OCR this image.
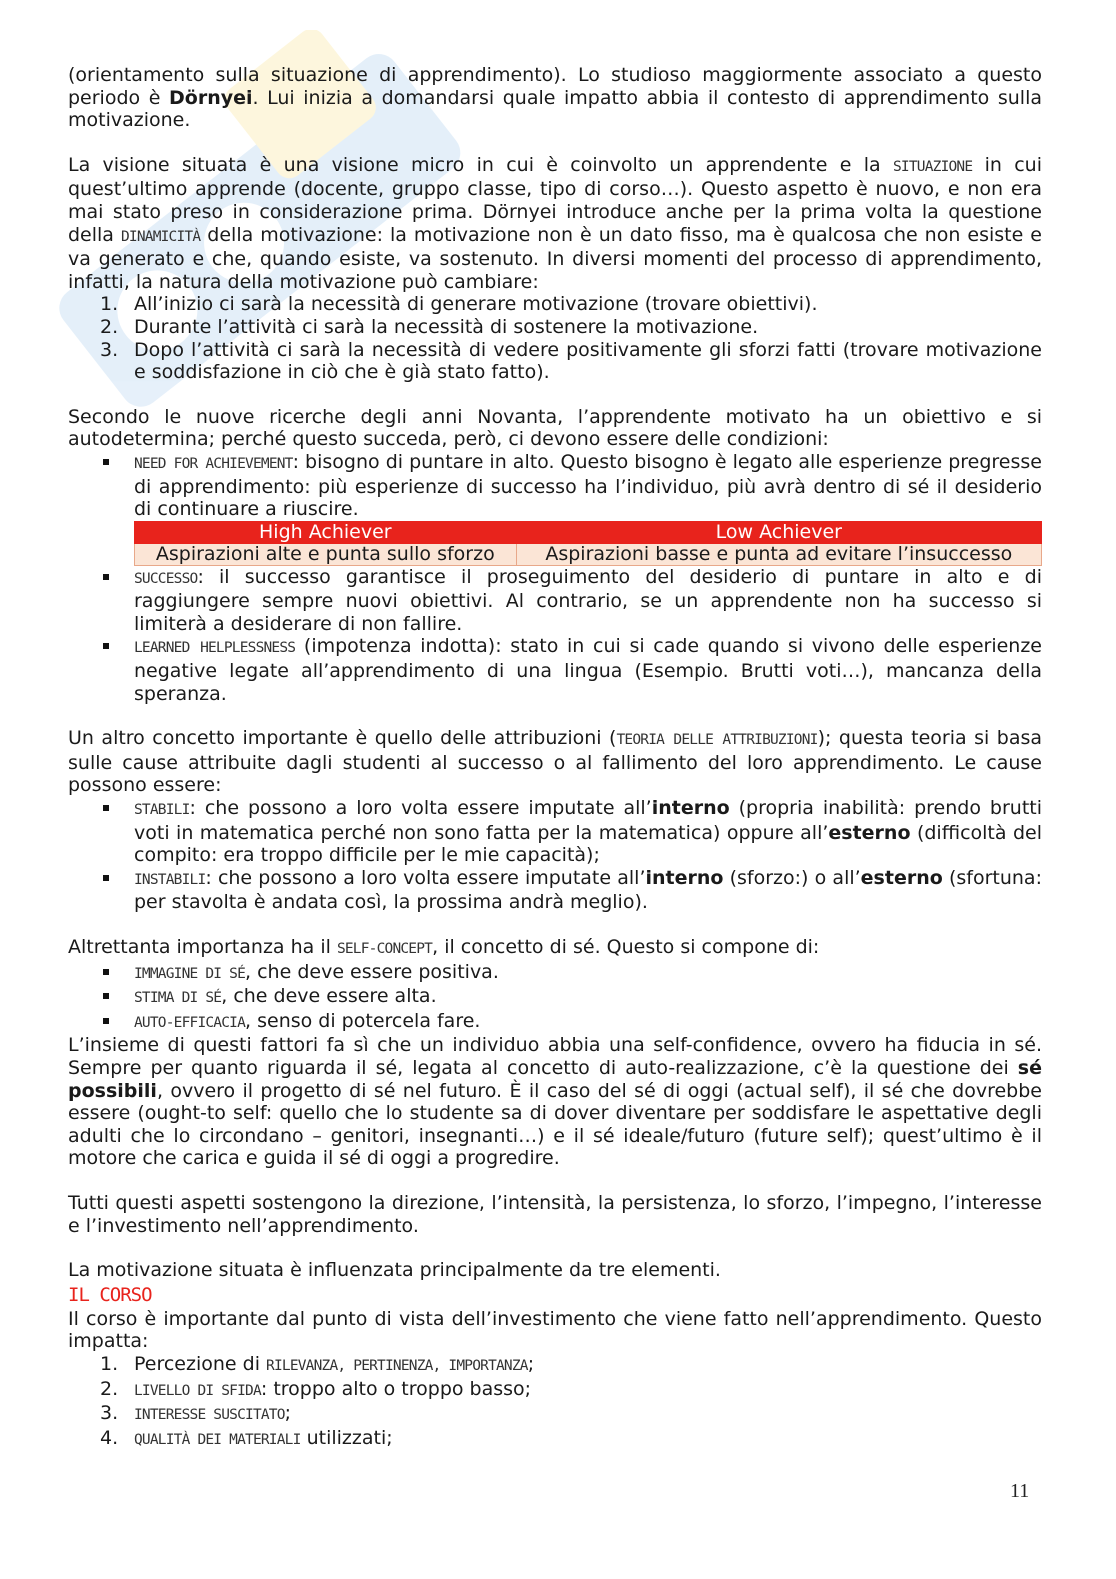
(orientamento sulla situazione di apprendimento). Lo studioso maggiormente associato a questo periodo è Dörnyei. Lui inizia a domandarsi quale impatto abbia il contesto di apprendimento sulla motivazione.

La visione situata è una visione micro in cui è coinvolto un apprendente e la SITUAZIONE in cui quest’ultimo apprende (docente, gruppo classe, tipo di corso…). Questo aspetto è nuovo, e non era mai stato preso in considerazione prima. Dörnyei introduce anche per la prima volta la questione della DINAMICITÀ della motivazione: la motivazione non è un dato fisso, ma è qualcosa che non esiste e va generato e che, quando esiste, va sostenuto. In diversi momenti del processo di apprendimento, infatti, la natura della motivazione può cambiare:

1. All’inizio ci sarà la necessità di generare motivazione (trovare obiettivi).
2. Durante l’attività ci sarà la necessità di sostenere la motivazione.
3. Dopo l’attività ci sarà la necessità di vedere positivamente gli sforzi fatti (trovare motivazione e soddisfazione in ciò che è già stato fatto).

Secondo le nuove ricerche degli anni Novanta, l’apprendente motivato ha un obiettivo e si autodetermina; perché questo succeda, però, ci devono essere delle condizioni:

NEED FOR ACHIEVEMENT: bisogno di puntare in alto. Questo bisogno è legato alle esperienze pregresse di apprendimento: più esperienze di successo ha l’individuo, più avrà dentro di sé il desiderio di continuare a riuscire.
High Achiever	Low Achiever
Aspirazioni alte e punta sullo sforzo	Aspirazioni basse e punta ad evitare l’insuccesso
SUCCESSO: il successo garantisce il proseguimento del desiderio di puntare in alto e di raggiungere sempre nuovi obiettivi. Al contrario, se un apprendente non ha successo si limiterà a desiderare di non fallire.
LEARNED HELPLESSNESS (impotenza indotta): stato in cui si cade quando si vivono delle esperienze negative legate all’apprendimento di una lingua (Esempio. Brutti voti…), mancanza della speranza.

Un altro concetto importante è quello delle attribuzioni (TEORIA DELLE ATTRIBUZIONI); questa teoria si basa sulle cause attribuite dagli studenti al successo o al fallimento del loro apprendimento. Le cause possono essere:

STABILI: che possono a loro volta essere imputate all’interno (propria inabilità: prendo brutti voti in matematica perché non sono fatta per la matematica) oppure all’esterno (difficoltà del compito: era troppo difficile per le mie capacità);
INSTABILI: che possono a loro volta essere imputate all’interno (sforzo:) o all’esterno (sfortuna: per stavolta è andata così, la prossima andrà meglio).

Altrettanta importanza ha il SELF-CONCEPT, il concetto di sé. Questo si compone di:

IMMAGINE DI SÉ, che deve essere positiva.
STIMA DI SÉ, che deve essere alta.
AUTO-EFFICACIA, senso di potercela fare.

L’insieme di questi fattori fa sì che un individuo abbia una self-confidence, ovvero ha fiducia in sé. Sempre per quanto riguarda il sé, legata al concetto di auto-realizzazione, c’è la questione dei sé possibili, ovvero il progetto di sé nel futuro. È il caso del sé di oggi (actual self), il sé che dovrebbe essere (ought-to self: quello che lo studente sa di dover diventare per soddisfare le aspettative degli adulti che lo circondano – genitori, insegnanti…) e il sé ideale/futuro (future self); quest’ultimo è il motore che carica e guida il sé di oggi a progredire.

Tutti questi aspetti sostengono la direzione, l’intensità, la persistenza, lo sforzo, l’impegno, l’interesse e l’investimento nell’apprendimento.

La motivazione situata è influenzata principalmente da tre elementi.

IL CORSO

Il corso è importante dal punto di vista dell’investimento che viene fatto nell’apprendimento. Questo impatta:

1. Percezione di RILEVANZA, PERTINENZA, IMPORTANZA;
2. LIVELLO DI SFIDA: troppo alto o troppo basso;
3. INTERESSE SUSCITATO;
4. QUALITÀ DEI MATERIALI utilizzati;
11
